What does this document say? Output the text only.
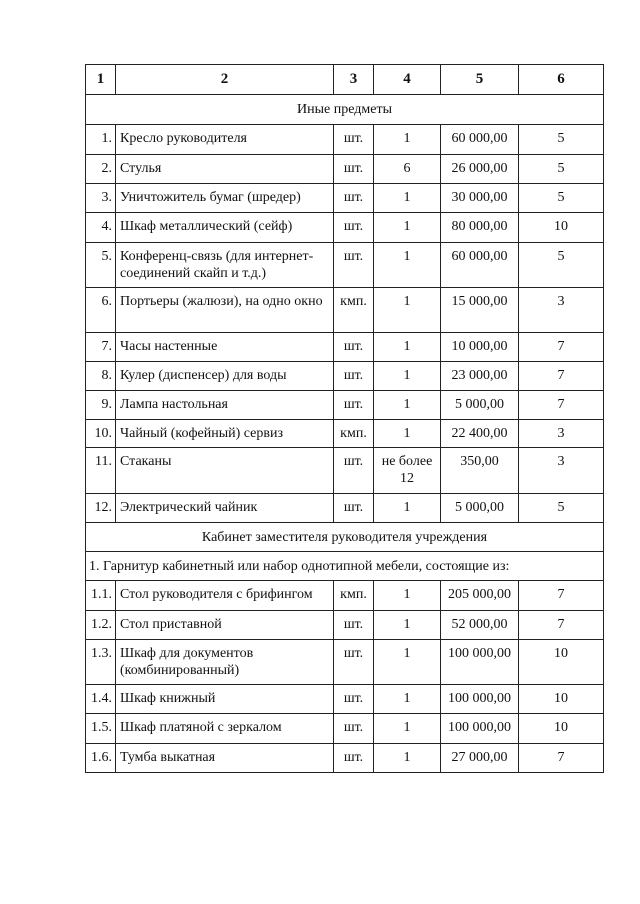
1	2	3	4	5	6
Иные предметы					
1.	Кресло руководителя	шт.	1	60 000,00	5
2.	Стулья	шт.	6	26 000,00	5
3.	Уничтожитель бумаг (шредер)	шт.	1	30 000,00	5
4.	Шкаф металлический (сейф)	шт.	1	80 000,00	10
5.	Конференц-связь (для интернет-соединений скайп и т.д.)	шт.	1	60 000,00	5
6.	Портьеры (жалюзи), на одно окно	кмп.	1	15 000,00	3
7.	Часы настенные	шт.	1	10 000,00	7
8.	Кулер (диспенсер) для воды	шт.	1	23 000,00	7
9.	Лампа настольная	шт.	1	5 000,00	7
10.	Чайный (кофейный) сервиз	кмп.	1	22 400,00	3
11.	Стаканы	шт.	не более 12	350,00	3
12.	Электрический чайник	шт.	1	5 000,00	5
Кабинет заместителя руководителя учреждения					
1. Гарнитур кабинетный или набор однотипной мебели, состоящие из:					
1.1.	Стол руководителя с брифингом	кмп.	1	205 000,00	7
1.2.	Стол приставной	шт.	1	52 000,00	7
1.3.	Шкаф для документов (комбинированный)	шт.	1	100 000,00	10
1.4.	Шкаф книжный	шт.	1	100 000,00	10
1.5.	Шкаф платяной с зеркалом	шт.	1	100 000,00	10
1.6.	Тумба выкатная	шт.	1	27 000,00	7
